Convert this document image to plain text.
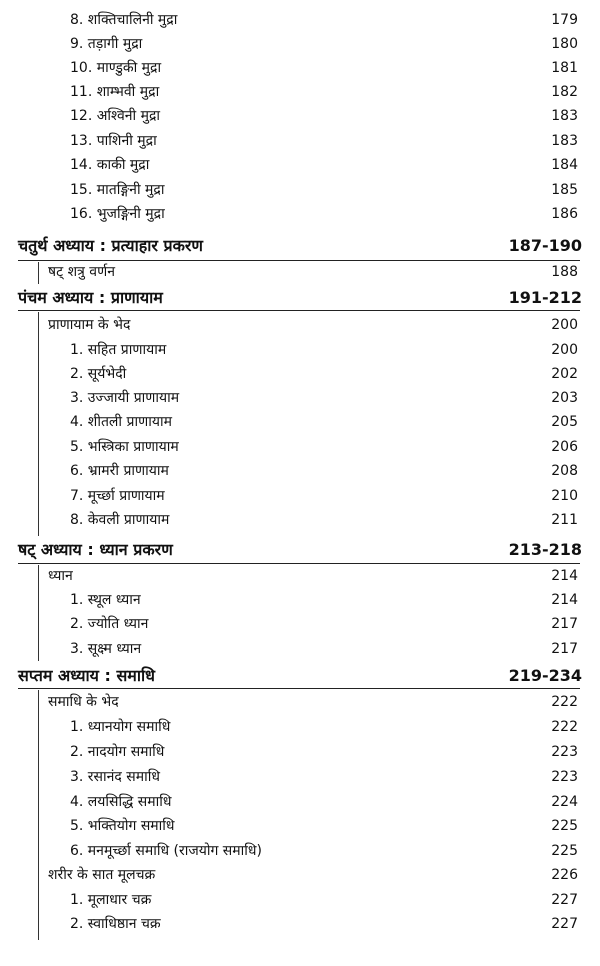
8. शक्तिचालिनी मुद्रा	179
9. तड़ागी मुद्रा	180
10. माण्डुकी मुद्रा	181
11. शाम्भवी मुद्रा	182
12. अश्विनी मुद्रा	183
13. पाशिनी मुद्रा	183
14. काकी मुद्रा	184
15. मातङ्गिनी मुद्रा	185
16. भुजङ्गिनी मुद्रा	186
चतुर्थ अध्याय : प्रत्याहार प्रकरण	187-190
षट् शत्रु वर्णन	188
पंचम अध्याय : प्राणायाम	191-212
प्राणायाम के भेद	200
1. सहित प्राणायाम	200
2. सूर्यभेदी	202
3. उज्जायी प्राणायाम	203
4. शीतली प्राणायाम	205
5. भस्त्रिका प्राणायाम	206
6. भ्रामरी प्राणायाम	208
7. मूर्च्छा प्राणायाम	210
8. केवली प्राणायाम	211
षट् अध्याय : ध्यान प्रकरण	213-218
ध्यान	214
1. स्थूल ध्यान	214
2. ज्योति ध्यान	217
3. सूक्ष्म ध्यान	217
सप्तम अध्याय : समाधि	219-234
समाधि के भेद	222
1. ध्यानयोग समाधि	222
2. नादयोग समाधि	223
3. रसानंद समाधि	223
4. लयसिद्धि समाधि	224
5. भक्तियोग समाधि	225
6. मनमूर्च्छा समाधि (राजयोग समाधि)	225
शरीर के सात मूलचक्र	226
1. मूलाधार चक्र	227
2. स्वाधिष्ठान चक्र	227
